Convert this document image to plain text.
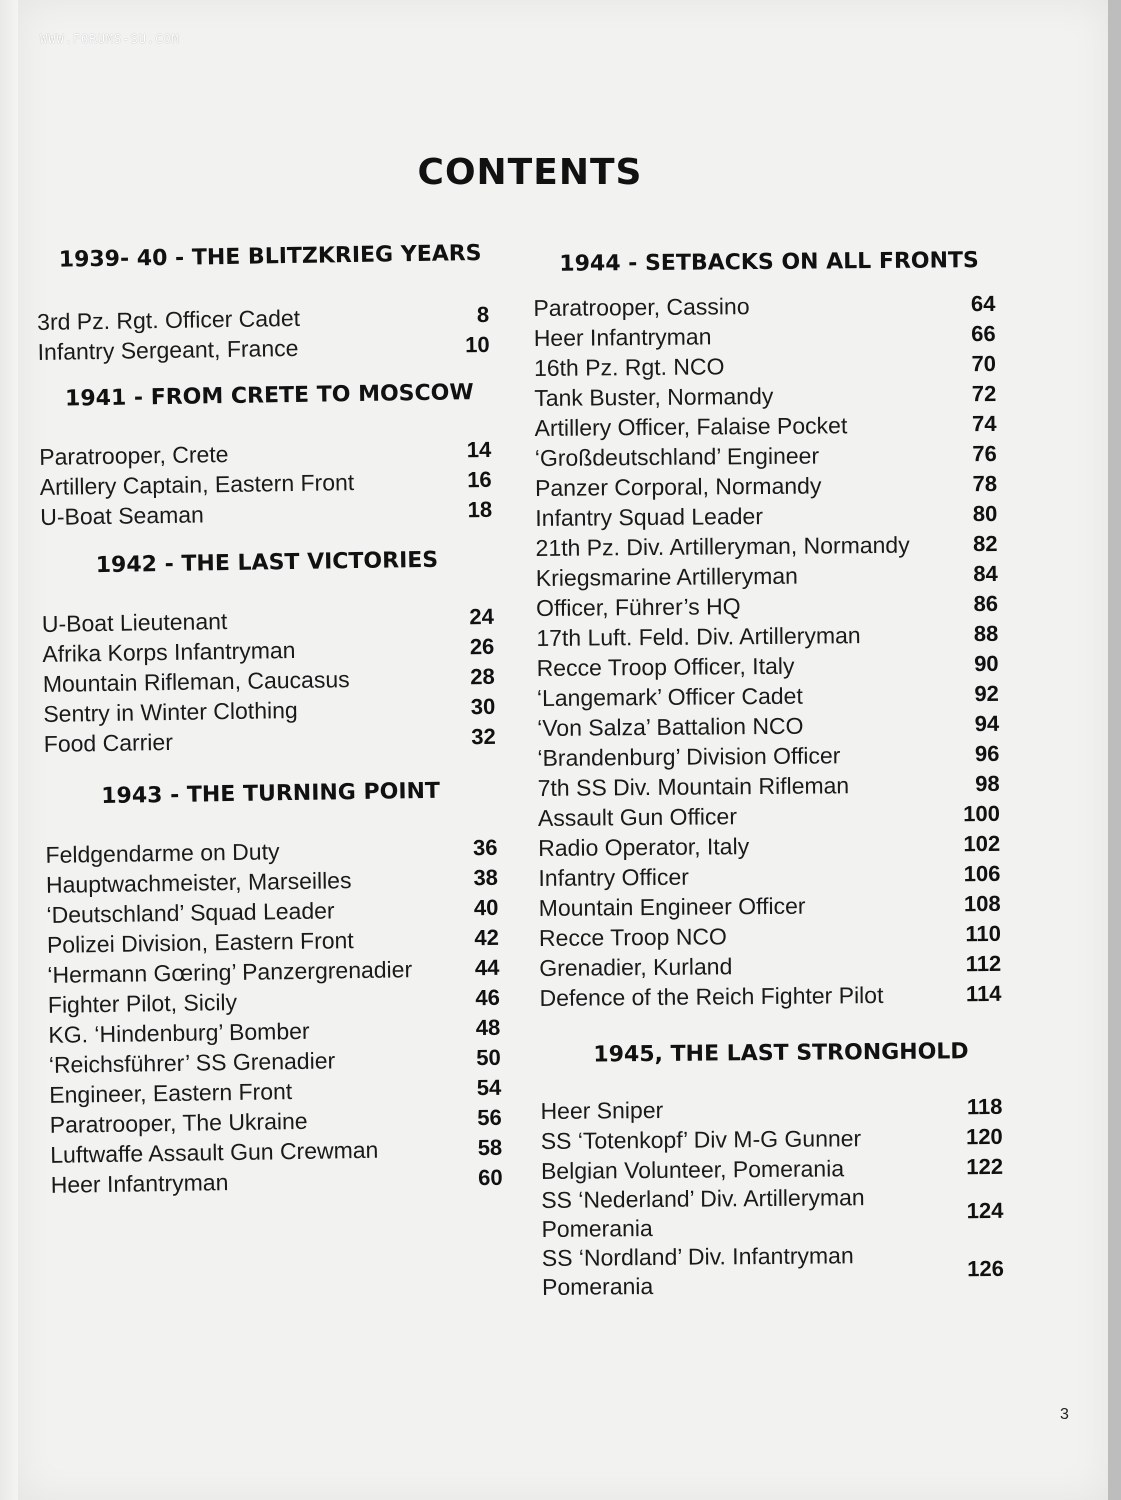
WWW.FORUMS-SU.COM
CONTENTS
1939- 40 - THE BLITZKRIEG YEARS
3rd Pz. Rgt. Officer Cadet	8
Infantry Sergeant, France	10
1941 - FROM CRETE TO MOSCOW
Paratrooper, Crete	14
Artillery Captain, Eastern Front	16
U-Boat Seaman	18
1942 - THE LAST VICTORIES
U-Boat Lieutenant	24
Afrika Korps Infantryman	26
Mountain Rifleman, Caucasus	28
Sentry in Winter Clothing	30
Food Carrier	32
1943 - THE TURNING POINT
Feldgendarme on Duty	36
Hauptwachmeister, Marseilles	38
‘Deutschland’ Squad Leader	40
Polizei Division, Eastern Front	42
‘Hermann Gœring’ Panzergrenadier	44
Fighter Pilot, Sicily	46
KG. ‘Hindenburg’ Bomber	48
‘Reichsführer’ SS Grenadier	50
Engineer, Eastern Front	54
Paratrooper, The Ukraine	56
Luftwaffe Assault Gun Crewman	58
Heer Infantryman	60
1944 - SETBACKS ON ALL FRONTS
Paratrooper, Cassino	64
Heer Infantryman	66
16th Pz. Rgt. NCO	70
Tank Buster, Normandy	72
Artillery Officer, Falaise Pocket	74
‘Großdeutschland’ Engineer	76
Panzer Corporal, Normandy	78
Infantry Squad Leader	80
21th Pz. Div. Artilleryman, Normandy	82
Kriegsmarine Artilleryman	84
Officer, Führer’s HQ	86
17th Luft. Feld. Div. Artilleryman	88
Recce Troop Officer, Italy	90
‘Langemark’ Officer Cadet	92
‘Von Salza’ Battalion NCO	94
‘Brandenburg’ Division Officer	96
7th SS Div. Mountain Rifleman	98
Assault Gun Officer	100
Radio Operator, Italy	102
Infantry Officer	106
Mountain Engineer Officer	108
Recce Troop NCO	110
Grenadier, Kurland	112
Defence of the Reich Fighter Pilot	114
1945, THE LAST STRONGHOLD
Heer Sniper	118
SS ‘Totenkopf’ Div M-G Gunner	120
Belgian Volunteer, Pomerania	122
SS ‘Nederland’ Div. Artilleryman
Pomerania
124
SS ‘Nordland’ Div. Infantryman
Pomerania
126
3
